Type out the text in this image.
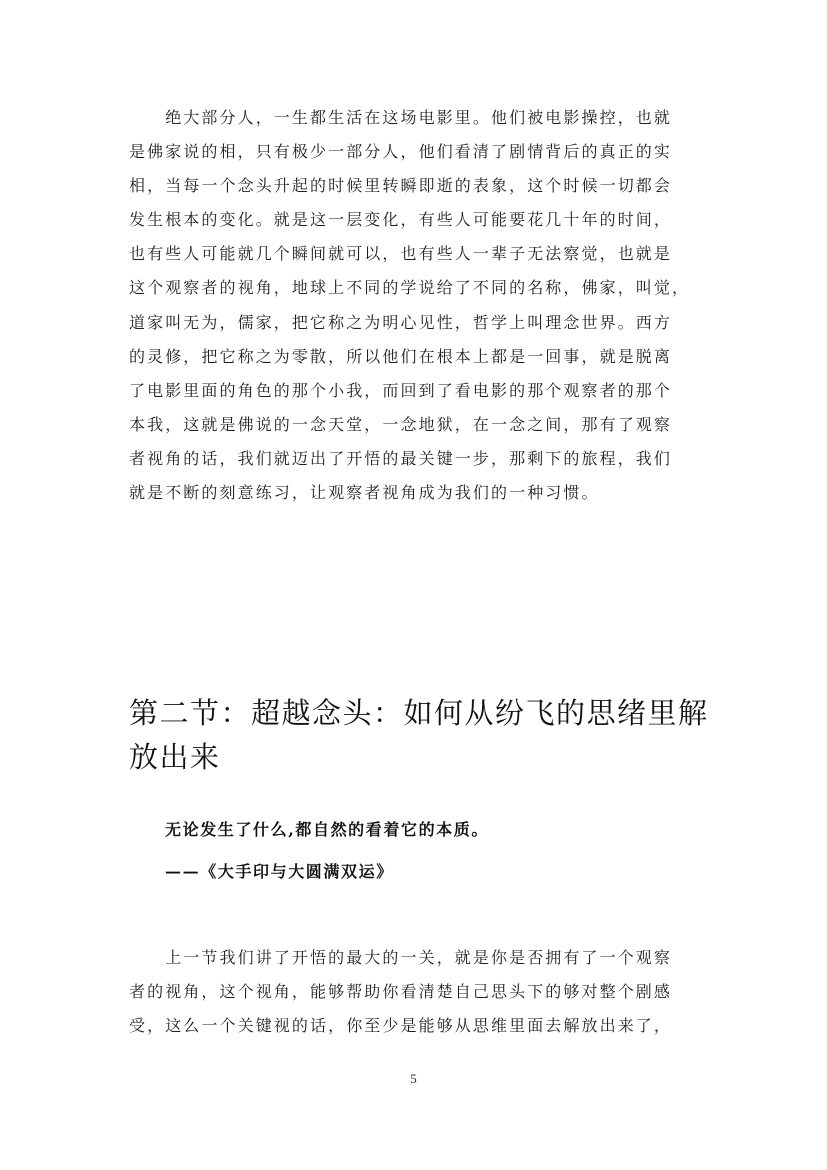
　　绝大部分人，一生都生活在这场电影里。他们被电影操控，也就
是佛家说的相，只有极少一部分人，他们看清了剧情背后的真正的实
相，当每一个念头升起的时候里转瞬即逝的表象，这个时候一切都会
发生根本的变化。就是这一层变化，有些人可能要花几十年的时间，
也有些人可能就几个瞬间就可以，也有些人一辈子无法察觉，也就是
这个观察者的视角，地球上不同的学说给了不同的名称，佛家，叫觉，
道家叫无为，儒家，把它称之为明心见性，哲学上叫理念世界。西方
的灵修，把它称之为零散，所以他们在根本上都是一回事，就是脱离
了电影里面的角色的那个小我，而回到了看电影的那个观察者的那个
本我，这就是佛说的一念天堂，一念地狱，在一念之间，那有了观察
者视角的话，我们就迈出了开悟的最关键一步，那剩下的旅程，我们
就是不断的刻意练习，让观察者视角成为我们的一种习惯。
第二节：超越念头：如何从纷飞的思绪里解
放出来

无论发生了什么,都自然的看着它的本质。

——《大手印与大圆满双运》

　　上一节我们讲了开悟的最大的一关，就是你是否拥有了一个观察
者的视角，这个视角，能够帮助你看清楚自己思头下的够对整个剧感
受，这么一个关键视的话，你至少是能够从思维里面去解放出来了，
5
